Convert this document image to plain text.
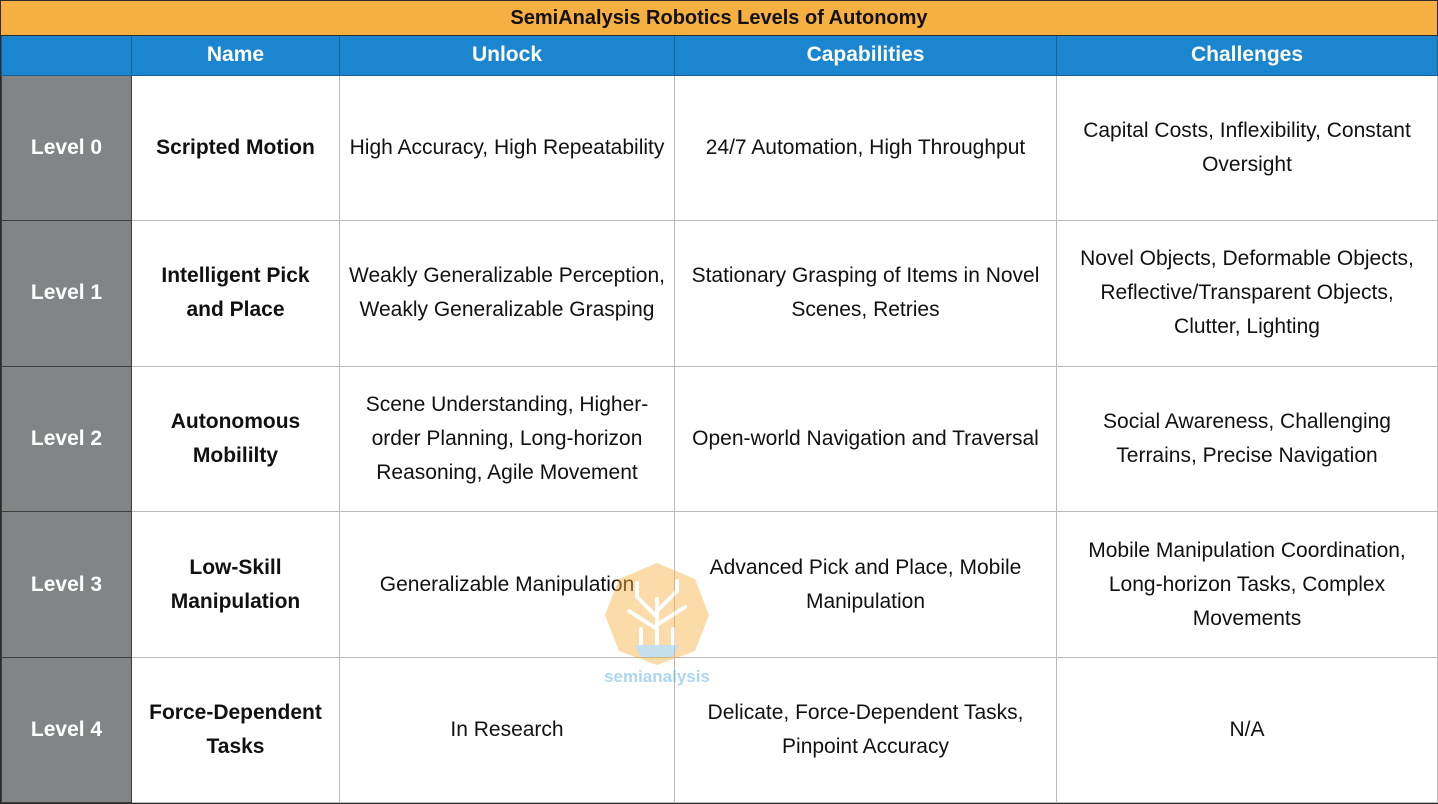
SemiAnalysis Robotics Levels of Autonomy
	Name	Unlock	Capabilities	Challenges
Level 0	Scripted Motion	High Accuracy, High Repeatability	24/7 Automation, High Throughput	Capital Costs, Inflexibility, Constant Oversight
Level 1	Intelligent Pick and Place	Weakly Generalizable Perception, Weakly Generalizable Grasping	Stationary Grasping of Items in Novel Scenes, Retries	Novel Objects, Deformable Objects, Reflective/Transparent Objects, Clutter, Lighting
Level 2	Autonomous Mobililty	Scene Understanding, Higher-order Planning, Long-horizon Reasoning, Agile Movement	Open-world Navigation and Traversal	Social Awareness, Challenging Terrains, Precise Navigation
Level 3	Low-Skill Manipulation	Generalizable Manipulation	Advanced Pick and Place, Mobile Manipulation	Mobile Manipulation Coordination, Long-horizon Tasks, Complex Movements
Level 4	Force-Dependent Tasks	In Research	Delicate, Force-Dependent Tasks, Pinpoint Accuracy	N/A
semianalysis
